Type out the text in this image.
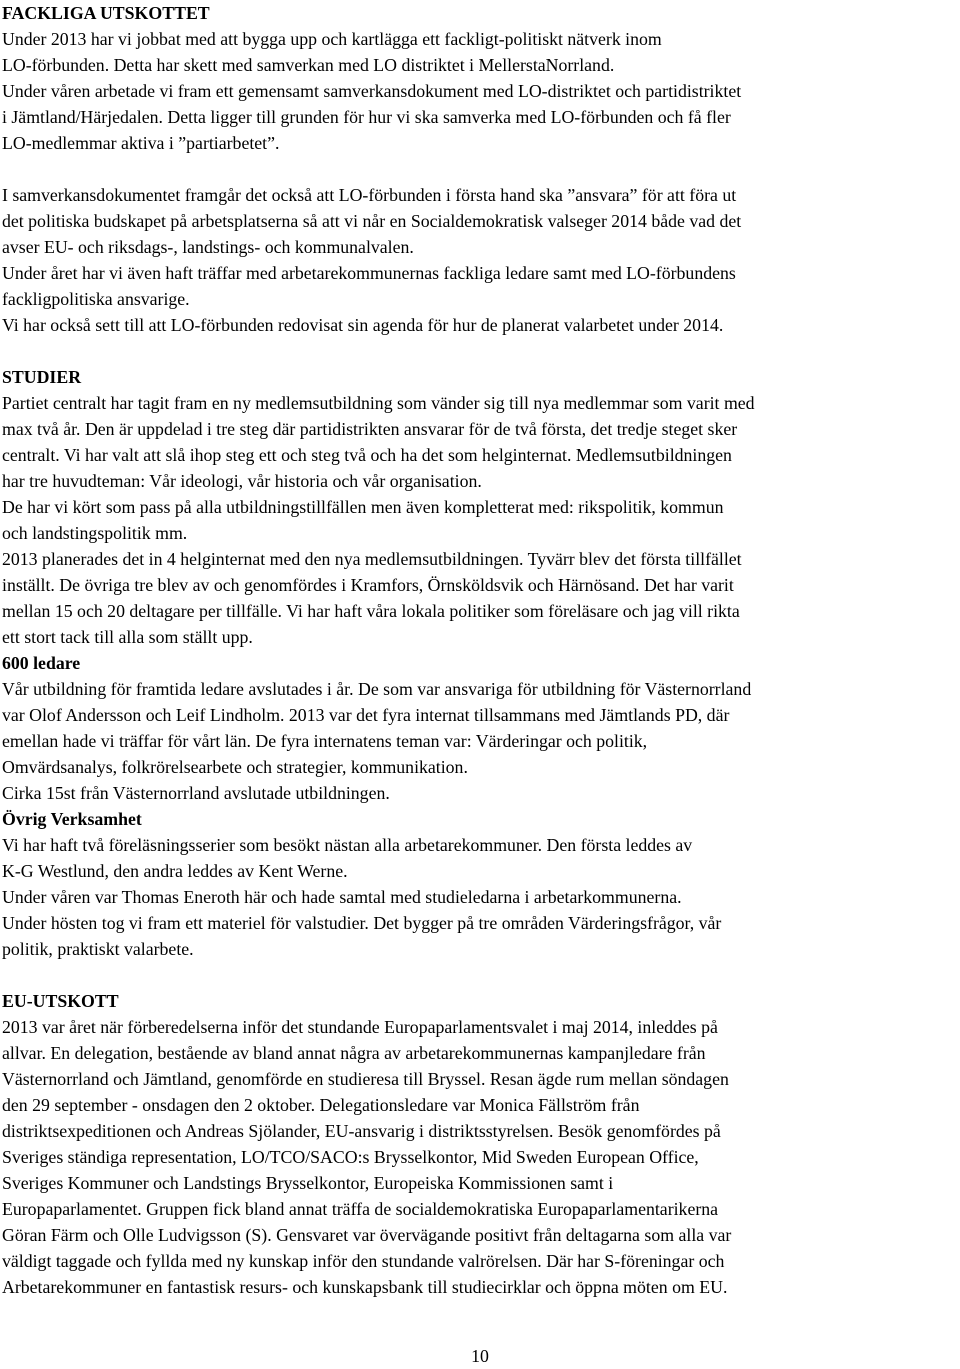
FACKLIGA UTSKOTTET
Under 2013 har vi jobbat med att bygga upp och kartlägga ett fackligt-politiskt nätverk inom
LO-förbunden. Detta har skett med samverkan med LO distriktet i MellerstaNorrland.
Under våren arbetade vi fram ett gemensamt samverkansdokument med LO-distriktet och partidistriktet
i Jämtland/Härjedalen. Detta ligger till grunden för hur vi ska samverka med LO-förbunden och få fler
LO-medlemmar aktiva i ”partiarbetet”.
I samverkansdokumentet framgår det också att LO-förbunden i första hand ska ”ansvara” för att föra ut
det politiska budskapet på arbetsplatserna så att vi når en Socialdemokratisk valseger 2014 både vad det
avser EU- och riksdags-, landstings- och kommunalvalen.
Under året har vi även haft träffar med arbetarekommunernas fackliga ledare samt med LO-förbundens
fackligpolitiska ansvarige.
Vi har också sett till att LO-förbunden redovisat sin agenda för hur de planerat valarbetet under 2014.
STUDIER
Partiet centralt har tagit fram en ny medlemsutbildning som vänder sig till nya medlemmar som varit med
max två år. Den är uppdelad i tre steg där partidistrikten ansvarar för de två första, det tredje steget sker
centralt. Vi har valt att slå ihop steg ett och steg två och ha det som helginternat. Medlemsutbildningen
har tre huvudteman: Vår ideologi, vår historia och vår organisation.
De har vi kört som pass på alla utbildningstillfällen men även kompletterat med: rikspolitik, kommun
och landstingspolitik mm.
2013 planerades det in 4 helginternat med den nya medlemsutbildningen. Tyvärr blev det första tillfället
inställt. De övriga tre blev av och genomfördes i Kramfors, Örnsköldsvik och Härnösand. Det har varit
mellan 15 och 20 deltagare per tillfälle. Vi har haft våra lokala politiker som föreläsare och jag vill rikta
ett stort tack till alla som ställt upp.
600 ledare
Vår utbildning för framtida ledare avslutades i år. De som var ansvariga för utbildning för Västernorrland
var Olof Andersson och Leif Lindholm. 2013 var det fyra internat tillsammans med Jämtlands PD, där
emellan hade vi träffar för vårt län. De fyra internatens teman var: Värderingar och politik,
Omvärdsanalys, folkrörelsearbete och strategier, kommunikation.
Cirka 15st från Västernorrland avslutade utbildningen.
Övrig Verksamhet
Vi har haft två föreläsningsserier som besökt nästan alla arbetarekommuner. Den första leddes av
K-G Westlund, den andra leddes av Kent Werne.
Under våren var Thomas Eneroth här och hade samtal med studieledarna i arbetarkommunerna.
Under hösten tog vi fram ett materiel för valstudier. Det bygger på tre områden Värderingsfrågor, vår
politik, praktiskt valarbete.
EU-UTSKOTT
2013 var året när förberedelserna inför det stundande Europaparlamentsvalet i maj 2014, inleddes på
allvar. En delegation, bestående av bland annat några av arbetarekommunernas kampanjledare från
Västernorrland och Jämtland, genomförde en studieresa till Bryssel. Resan ägde rum mellan söndagen
den 29 september - onsdagen den 2 oktober. Delegationsledare var Monica Fällström från
distriktsexpeditionen och Andreas Sjölander, EU-ansvarig i distriktsstyrelsen. Besök genomfördes på
Sveriges ständiga representation, LO/TCO/SACO:s Brysselkontor, Mid Sweden European Office,
Sveriges Kommuner och Landstings Brysselkontor, Europeiska Kommissionen samt i
Europaparlamentet. Gruppen fick bland annat träffa de socialdemokratiska Europaparlamentarikerna
Göran Färm och Olle Ludvigsson (S). Gensvaret var övervägande positivt från deltagarna som alla var
väldigt taggade och fyllda med ny kunskap inför den stundande valrörelsen. Där har S-föreningar och
Arbetarekommuner en fantastisk resurs- och kunskapsbank till studiecirklar och öppna möten om EU.
10
